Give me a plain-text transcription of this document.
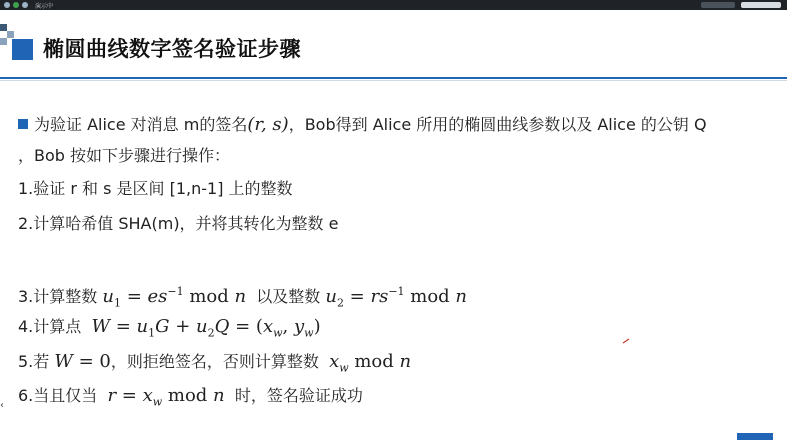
演示中
椭圆曲线数字签名验证步骤
为验证 Alice 对消息 m的签名(r, s)，Bob得到 Alice 所用的椭圆曲线参数以及 Alice 的公钥 Q
，Bob 按如下步骤进行操作：
1.验证 r 和 s 是区间 [1,n-1] 上的整数
2.计算哈希值 SHA(m)，并将其转化为整数 e
3.计算整数 $u_1 = es^{-1}$ mod n 以及整数 $u_2 = rs^{-1}$ mod n
4.计算点 $W = u_1G + u_2Q = (x_w$, $y_w$)
5.若 W = 0，则拒绝签名，否则计算整数 $x_w$ mod n
6.当且仅当 $r = x_w$ mod n 时，签名验证成功
‹
